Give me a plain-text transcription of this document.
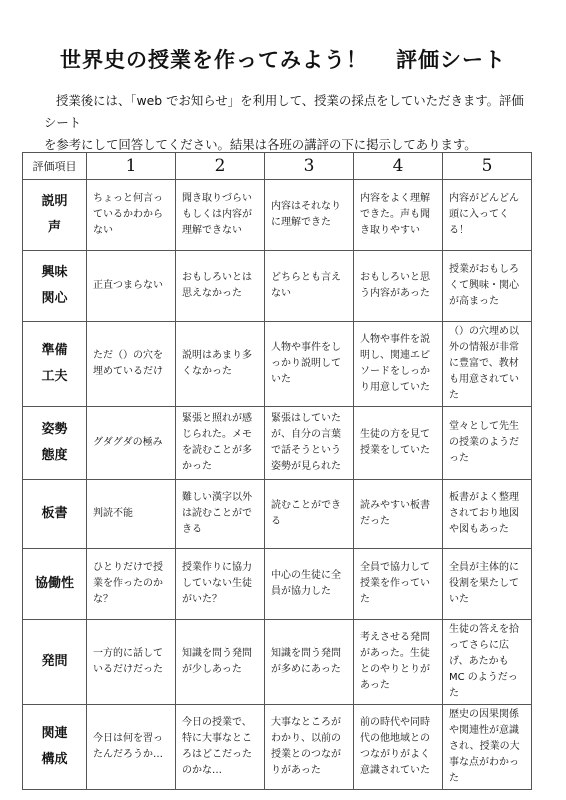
世界史の授業を作ってみよう！ 評価シート

授業後には、「web でお知らせ」を利用して、授業の採点をしていただきます。評価シート

を参考にして回答してください。結果は各班の講評の下に掲示してあります。

評価項目	1	2	3	4	5

説明
声	ちょっと何言っているかわからない	聞き取りづらいもしくは内容が理解できない	内容はそれなりに理解できた	内容をよく理解できた。声も聞き取りやすい	内容がどんどん頭に入ってくる！

興味
関心	正直つまらない	おもしろいとは思えなかった	どちらとも言えない	おもしろいと思う内容があった	授業がおもしろくて興味・関心が高まった

準備
工夫	ただ（）の穴を埋めているだけ	説明はあまり多くなかった	人物や事件をしっかり説明していた	人物や事件を説明し、関連エピソードをしっかり用意していた	（）の穴埋め以外の情報が非常に豊富で、教材も用意されていた

姿勢
態度	グダグダの極み	緊張と照れが感じられた。メモを読むことが多かった	緊張はしていたが、自分の言葉で話そうという姿勢が見られた	生徒の方を見て授業をしていた	堂々として先生の授業のようだった

板書	判読不能	難しい漢字以外は読むことができる	読むことができる	読みやすい板書だった	板書がよく整理されており地図や図もあった

協働性	ひとりだけで授業を作ったのかな？	授業作りに協力していない生徒がいた？	中心の生徒に全員が協力した	全員で協力して授業を作っていた	全員が主体的に役割を果たしていた

発問	一方的に話しているだけだった	知識を問う発問が少しあった	知識を問う発問が多めにあった	考えさせる発問があった。生徒とのやりとりがあった	生徒の答えを拾ってさらに広げ、あたかも MC のようだった

関連
構成	今日は何を習ったんだろうか…	今日の授業で、特に大事なところはどこだったのかな…	大事なところがわかり、以前の授業とのつながりがあった	前の時代や同時代の他地域とのつながりがよく意識されていた	歴史の因果関係や関連性が意識され、授業の大事な点がわかった
